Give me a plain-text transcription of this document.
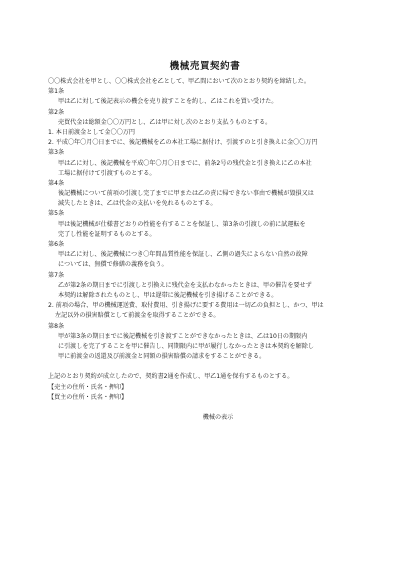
機械売買契約書
〇〇株式会社を甲とし、〇〇株式会社を乙として、甲乙間において次のとおり契約を締結した。
第1条
甲は乙に対して後記表示の機会を売り渡すことを約し、乙はこれを買い受けた。
第2条
売買代金は総額金〇〇万円とし、乙は甲に対し次のとおり支払うものとする。
1. 本日前渡金として金〇〇万円
2. 平成〇年〇月〇日までに、後記機械を乙の本社工場に据付け、引渡すのと引き換えに金〇〇万円
第3条
甲は乙に対し、後記機械を平成〇年〇月〇日までに、前条2号の残代金と引き換えに乙の本社
工場に据付けて引渡すものとする。
第4条
後記機械について前項の引渡し完了までに甲または乙の責に帰できない事由で機械が毀損又は
減失したときは、乙は代金の支払いを免れるものとする。
第5条
甲は後記機械が仕様書どおりの性能を有することを保証し、第3条の引渡しの前に試運転を
完了し性能を証明するものとする。
第6条
甲は乙に対し、後記機械につき〇年間品質性能を保証し、乙側の過失によらない自然の故障
については、無償で修繕の義務を負う。
第7条
乙が第2条の期日までに引渡しと引換えに残代金を支払わなかったときは、甲の催告を要せず
本契約は解除されたものとし、甲は遅帯に後記機械を引き揚げることができる。
2. 前項の場合、甲の機械運送費、取付費用、引き揚げに要する費用は一切乙の負担とし、かつ、甲は
左記以外の損害賠償として前渡金を取得することができる。
第8条
甲が第3条の期日までに後記機械を引き渡すことができなかったときは、乙は10日の期限内
に引渡しを完了することを甲に催告し、同期限内に甲が履行しなかったときは本契約を解除し
甲に前渡金の返還及び前渡金と同額の損害賠償の請求をすることができる。
上記のとおり契約が成立したので、契約書2通を作成し、甲乙1通を保有するものとする。
【売主の住所・氏名・押印】
【買主の住所・氏名・押印】
機械の表示
